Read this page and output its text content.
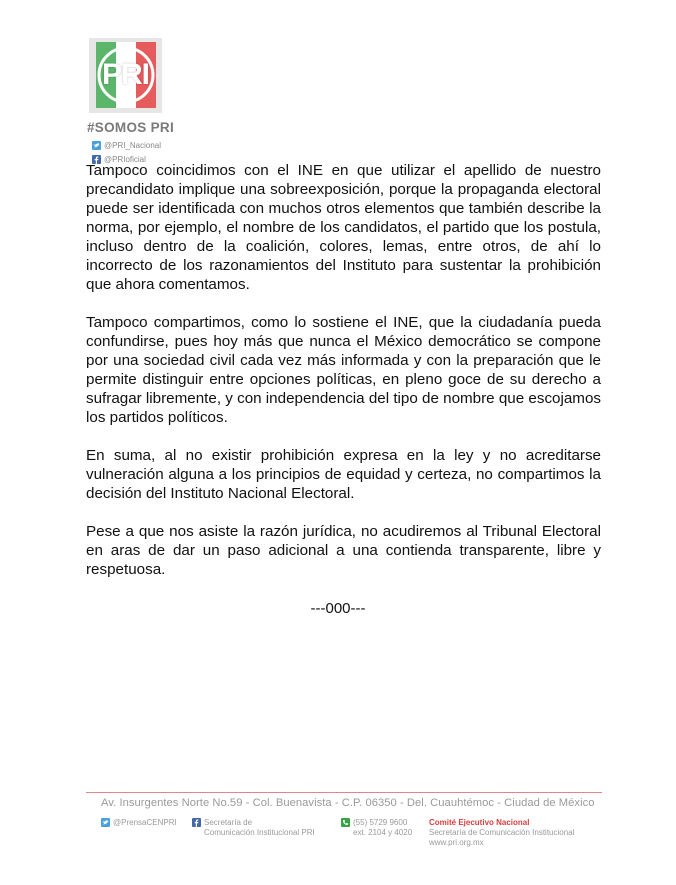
PRI
#SOMOS PRI
@PRI_Nacional
@PRIoficial

Tampoco coincidimos con el INE en que utilizar el apellido de nuestro precandidato implique una sobreexposición, porque la propaganda electoral puede ser identificada con muchos otros elementos que también describe la norma, por ejemplo, el nombre de los candidatos, el partido que los postula, incluso dentro de la coalición, colores, lemas, entre otros, de ahí lo incorrecto de los razonamientos del Instituto para sustentar la prohibición que ahora comentamos.

Tampoco compartimos, como lo sostiene el INE, que la ciudadanía pueda confundirse, pues hoy más que nunca el México democrático se compone por una sociedad civil cada vez más informada y con la preparación que le permite distinguir entre opciones políticas, en pleno goce de su derecho a sufragar libremente, y con independencia del tipo de nombre que escojamos los partidos políticos.

En suma, al no existir prohibición expresa en la ley y no acreditarse vulneración alguna a los principios de equidad y certeza, no compartimos la decisión del Instituto Nacional Electoral.

Pese a que nos asiste la razón jurídica, no acudiremos al Tribunal Electoral en aras de dar un paso adicional a una contienda transparente, libre y respetuosa.

---000---
Av. Insurgentes Norte No.59 - Col. Buenavista - C.P. 06350 - Del. Cuauhtémoc - Ciudad de México
@PrensaCENPRI	Secretaría de
Comunicación Institucional PRI
(55) 5729 9600
ext. 2104 y 4020
Comité Ejecutivo Nacional
Secretaría de Comunicación Institucional
www.pri.org.mx
